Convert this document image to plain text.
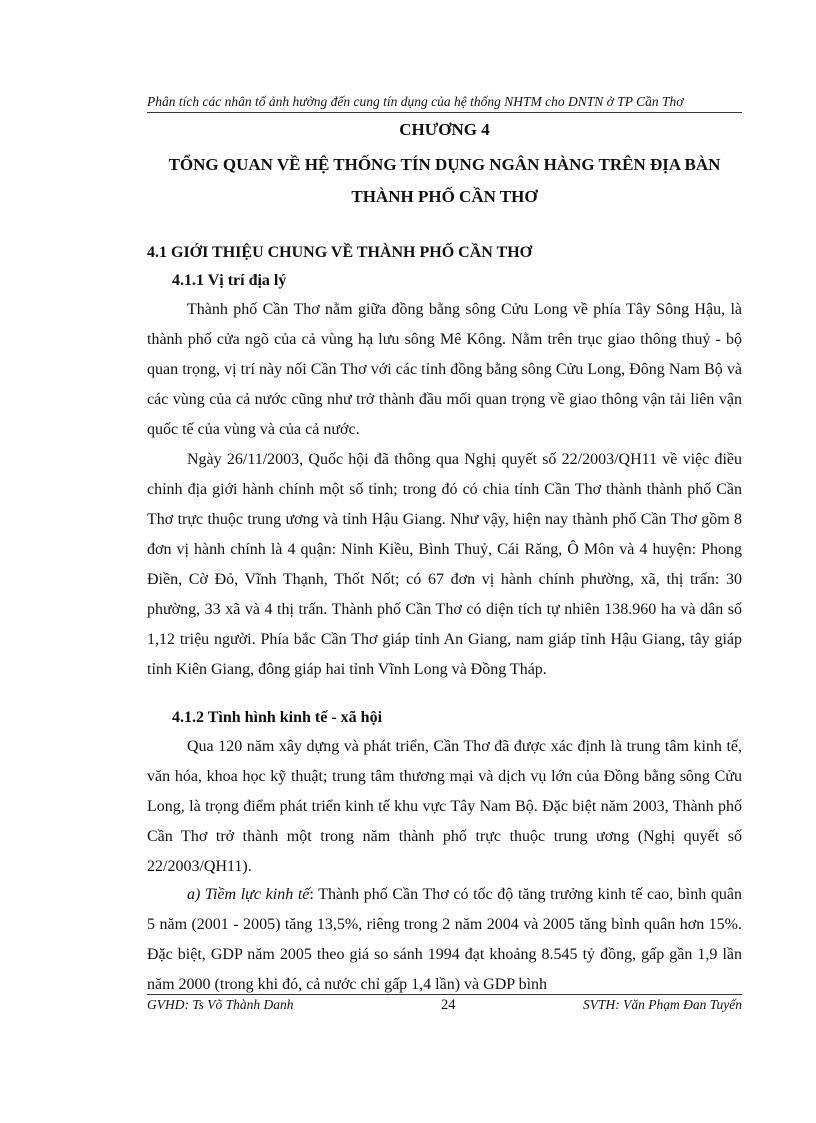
Phân tích các nhân tố ảnh hưởng đến cung tín dụng của hệ thống NHTM cho DNTN ở TP Cần Thơ
CHƯƠNG 4
TỔNG QUAN VỀ HỆ THỐNG TÍN DỤNG NGÂN HÀNG TRÊN ĐỊA BÀN THÀNH PHỐ CẦN THƠ
4.1 GIỚI THIỆU CHUNG VỀ THÀNH PHỐ CẦN THƠ
4.1.1 Vị trí địa lý
Thành phố Cần Thơ nằm giữa đồng bằng sông Cửu Long về phía Tây Sông Hậu, là thành phố cửa ngõ của cả vùng hạ lưu sông Mê Kông. Nằm trên trục giao thông thuỷ - bộ quan trọng, vị trí này nối Cần Thơ với các tỉnh đồng bằng sông Cửu Long, Đông Nam Bộ và các vùng của cả nước cũng như trở thành đầu mối quan trọng về giao thông vận tải liên vận quốc tế của vùng và của cả nước.
Ngày 26/11/2003, Quốc hội đã thông qua Nghị quyết số 22/2003/QH11 về việc điều chỉnh địa giới hành chính một số tỉnh; trong đó có chia tỉnh Cần Thơ thành thành phố Cần Thơ trực thuộc trung ương và tỉnh Hậu Giang. Như vậy, hiện nay thành phố Cần Thơ gồm 8 đơn vị hành chính là 4 quận: Ninh Kiều, Bình Thuỷ, Cái Răng, Ô Môn và 4 huyện: Phong Điền, Cờ Đỏ, Vĩnh Thạnh, Thốt Nốt; có 67 đơn vị hành chính phường, xã, thị trấn: 30 phường, 33 xã và 4 thị trấn. Thành phố Cần Thơ có diện tích tự nhiên 138.960 ha và dân số 1,12 triệu người. Phía bắc Cần Thơ giáp tỉnh An Giang, nam giáp tỉnh Hậu Giang, tây giáp tỉnh Kiên Giang, đông giáp hai tỉnh Vĩnh Long và Đồng Tháp.
4.1.2 Tình hình kinh tế - xã hội
Qua 120 năm xây dựng và phát triển, Cần Thơ đã được xác định là trung tâm kinh tế, văn hóa, khoa học kỹ thuật; trung tâm thương mại và dịch vụ lớn của Đồng bằng sông Cửu Long, là trọng điểm phát triển kinh tế khu vực Tây Nam Bộ. Đặc biệt năm 2003, Thành phố Cần Thơ trở thành một trong năm thành phố trực thuộc trung ương (Nghị quyết số 22/2003/QH11).
a) Tiềm lực kinh tế: Thành phố Cần Thơ có tốc độ tăng trưởng kinh tế cao, bình quân 5 năm (2001 - 2005) tăng 13,5%, riêng trong 2 năm 2004 và 2005 tăng bình quân hơn 15%. Đặc biệt, GDP năm 2005 theo giá so sánh 1994 đạt khoảng 8.545 tỷ đồng, gấp gần 1,9 lần năm 2000 (trong khi đó, cả nước chỉ gấp 1,4 lần) và GDP bình
GVHD: Ts Võ Thành Danh	24	SVTH: Văn Phạm Đan Tuyến
